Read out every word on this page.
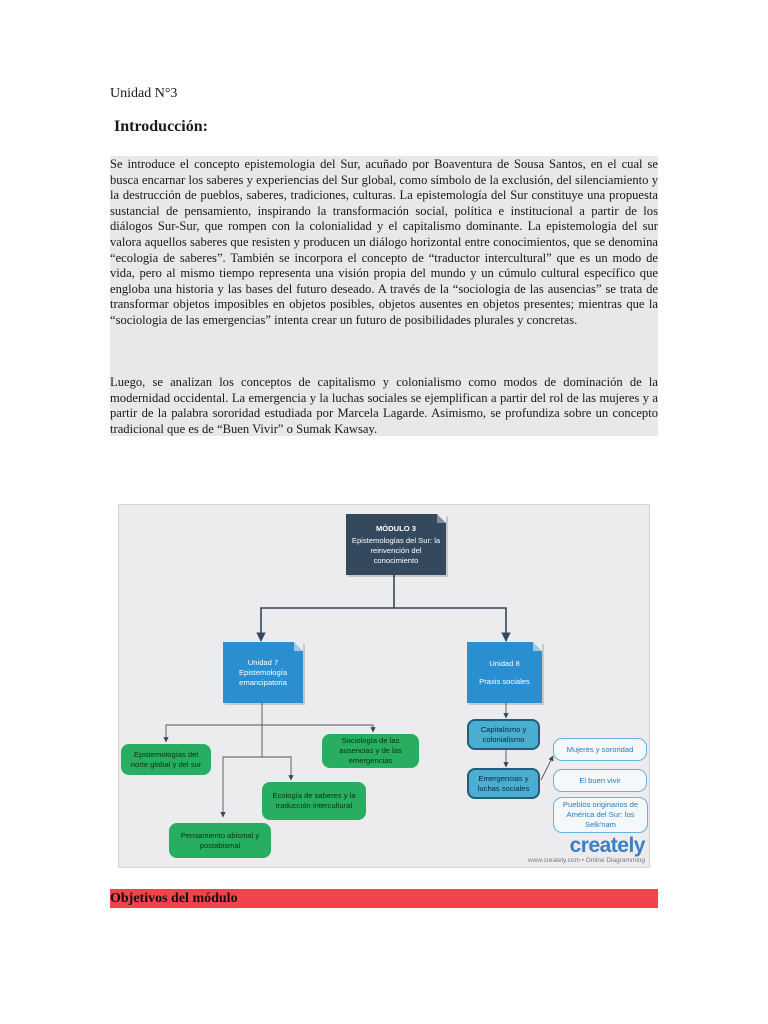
Unidad N°3
Introducción:

Se introduce el concepto epistemologia del Sur, acuñado por Boaventura de Sousa Santos, en el cual se busca encarnar los saberes y experiencias del Sur global, como símbolo de la exclusión, del silenciamiento y la destrucción de pueblos, saberes, tradiciones, culturas. La epistemología del Sur constituye una propuesta sustancial de pensamiento, inspirando la transformación social, política e institucional a partir de los diálogos Sur-Sur, que rompen con la colonialidad y el capitalismo dominante. La epistemologia del sur valora aquellos saberes que resisten y producen un diálogo horizontal entre conocimientos, que se denomina “ecologia de saberes”. También se incorpora el concepto de “traductor intercultural” que es un modo de vida, pero al mismo tiempo representa una visión propia del mundo y un cúmulo cultural específico que engloba una historia y las bases del futuro deseado. A través de la “sociologia de las ausencias” se trata de transformar objetos imposibles en objetos posibles, objetos ausentes en objetos presentes; mientras que la “sociologia de las emergencias” intenta crear un futuro de posibilidades plurales y concretas.

Luego, se analizan los conceptos de capitalismo y colonialismo como modos de dominación de la modernidad occidental. La emergencia y la luchas sociales se ejemplifican a partir del rol de las mujeres y a partir de la palabra sororidad estudiada por Marcela Lagarde. Asimismo, se profundiza sobre un concepto tradicional que es de “Buen Vivir” o Sumak Kawsay.

MÓDULO 3
Epistemologías del Sur: la reinvención del conocimiento
Unidad 7
Epistemología emancipatoria
Unidad 8
Praxis sociales
Epistemologías del norte global y del sur
Sociología de las ausencias y de las emergencias
Ecología de saberes y la traducción intercultural
Pensamiento abismal y postabismal
Capitalismo y colonialismo
Emergencias y luchas sociales
Mujeres y sororidad
El buen vivir
Pueblos originarios de América del Sur: los Selk'nam
creately
www.creately.com • Online Diagramming
Objetivos del módulo
